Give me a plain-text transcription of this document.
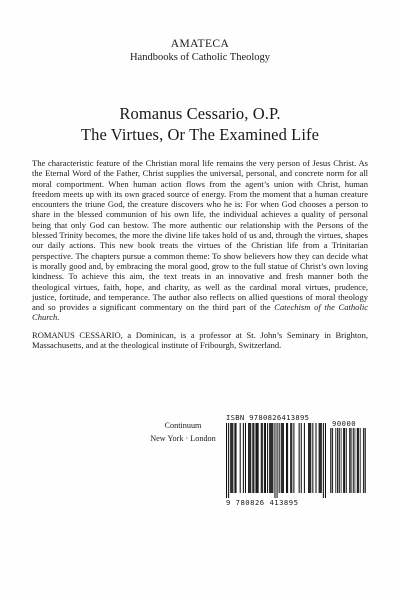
AMATECA
Handbooks of Catholic Theology
Romanus Cessario, O.P.
The Virtues, Or The Examined Life

The characteristic feature of the Christian moral life remains the very person of Jesus Christ. As the Eternal Word of the Father, Christ supplies the universal, personal, and concrete norm for all moral comportment. When human action flows from the agent’s union with Christ, human freedom meets up with its own graced source of energy. From the moment that a human creature encounters the triune God, the creature discovers who he is: For when God chooses a person to share in the blessed communion of his own life, the individual achieves a quality of personal being that only God can bestow. The more authentic our relationship with the Persons of the blessed Trinity becomes, the more the divine life takes hold of us and, through the virtues, shapes our daily actions. This new book treats the virtues of the Christian life from a Trinitarian perspective. The chapters pursue a common theme: To show believers how they can decide what is morally good and, by embracing the moral good, grow to the full statue of Christ’s own loving kindness. To achieve this aim, the text treats in an innovative and fresh manner both the theological virtues, faith, hope, and charity, as well as the cardinal moral virtues, prudence, justice, fortitude, and temperance. The author also reflects on allied questions of moral theology and so provides a significant commentary on the third part of the Catechism of the Catholic Church.

ROMANUS CESSARIO, a Dominican, is a professor at St. John’s Seminary in Brighton, Massachusetts, and at the theological institute of Fribourgh, Switzerland.

Continuum
New York · London
ISBN 9780826413895
90000
9 780826 413895
